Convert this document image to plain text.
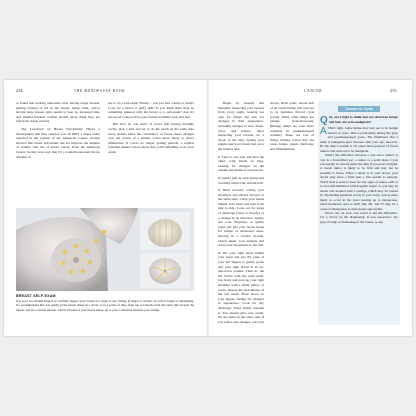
254	THE MENOPAUSE BOOK

to found that treating underwire bras, having larger breasts, getting bruised or hit in the breast, being older, and/or having large breasts (size seems to bear no increased risk, and smaller-breasted women should never think they are safe from breast cancer).

The Lowdown on Breast Self-Exams: Here's a development that may surprise you: In 2003, a major study reported in the journal of the American Cancer Society showed that breast self-exams did not improve the number of women who die of breast cancer. Even the American Cancer Society now says that it's a woman's personal choice whether or

not to do a self-exam. Finally – can you feel a lump or lump? Look for a blood or puffy skin? If you think there may be something unusual with the breast or a self-exam? Ask it's also good to know how your breasts normally look and feel.

But how do you start? If you're still having monthly cycles, pick a date and try to do the exam on the same date every month. Once the consistency of breast tissue changes over the course of a month, you're more likely to detect differences. If you're no longer getting periods, a regular schedule makes it more likely that you'll remember to do your exam.

BREAST SELF-EXAM
Use your two middle fingers to carefully inspect your breasts for signs of any change in shape or texture, as well as lumps or thickening. It's recommended that you gently probe breast tissue in a circle, or in a series of lines from top to bottom, from the outer rim towards the nipple, and in a circular motion. Check all parts of your breast tissue, up to your collarbone and into your armpit.
CANCER	255

Begin by visually and manually inspecting your breasts from every angle, looking not only for lumps but also for changes in their appearance, including changes in size, shape, color, and texture. After inspecting your breasts, do a check of the skin, feeling your nipples and your breast bud on to the interior and.

1. Turn to one side and then the other, with hands on hips, looking for changes on the outside and inside of each breast.

2. Gently pull up each breast and carefully inspect the bottom half.

3. Bend forward, rolling your shoulders and elbows forward at the same time. Clasp your hands behind your head and turn from side to side. Look out for signs of discharge (clear or bloody) or a change in its direction. Gently use your fingertips to gently press and feel your breast tissue for lumps or thickened areas, moving in a circular motion. Check under your armpits and down your breastbone to the ribs.

4. Put your right hand behind your head and use the pads of your left fingers to gently probe into your right breast in an up-and-down pattern. Then do the left breast with the right hand. Lie down and prop up your right shoulder with a small pillow or towel. Repeat the movements of the last exam. Press down on your nipple, feeling for changes in appearance. Look for any discharge. Press firmly beneath it. You should give way easily. Do the same on the other side. If you notice any changes, call your

doctor. Don't panic. About half of all breast lumps will turn out to be harmless fibroid cysts (cysts). Many other lumps are benign (noncancerous). (Benign lumps are even more common in premenopausal women.) There are lots of things besides cancer that can cause lumps, nipple discharge, and inflammation.

Tumors vs. Cysts

Q So, am I right to think that not all breast lumps will turn out to be malignant?

A That's right. Some lumps may turn out to be benign tumors or cysts. This is particularly during the peri- and postmenopausal years. The likelihood that a lump is malignant does increase with your age, however. By the time a woman is 70, about three-quarters of breast tumors will turn out to be malignant.

What's the difference between a cyst and a tumor? A cyst is a fluid-filled sac; a tumor is a solid mass. Cysts can usually be moved under the skin if you press on them. A breast tumor is likely to be firm and may not be possible to move. When a tumor is in your breast, your doctor may have a fluid pass a fine needle to aspirate. You'll need it soon to look for any signs of tumor cells or to treat inflammation with irregular edges. A cyst may be tender and drained with a syringe, which may be caused by fluctuating hormone levels in your body, and is more likely to occur in the years leading up to menopause, when hormones tend to shift. Me, Mr. and 55 may be a cause of menopause as menopause approaches.

Never rely on your own touch to tell the difference. Let a doctor do the diagnosing. If you experience any type of lump or thickening of the breast, or any
